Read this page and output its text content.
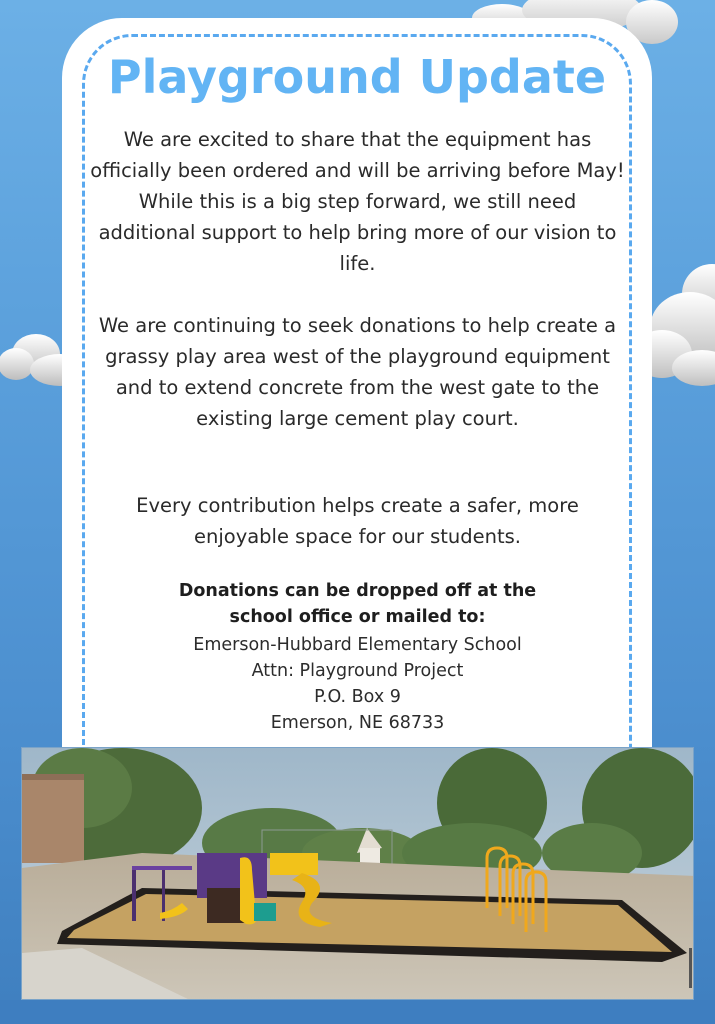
Playground Update

We are excited to share that the equipment has officially been ordered and will be arriving before May! While this is a big step forward, we still need additional support to help bring more of our vision to life.

We are continuing to seek donations to help create a grassy play area west of the playground equipment and to extend concrete from the west gate to the existing large cement play court.

Every contribution helps create a safer, more enjoyable space for our students.

Donations can be dropped off at the school office or mailed to:

Emerson-Hubbard Elementary School
Attn: Playground Project
P.O. Box 9
Emerson, NE 68733
